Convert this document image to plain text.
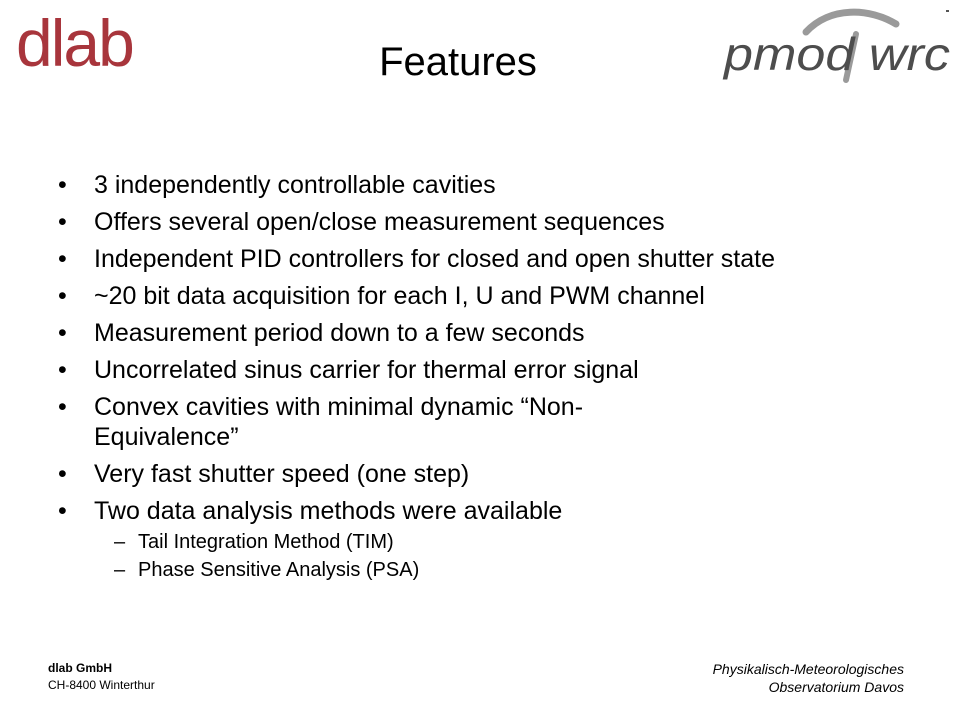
dlab	pmod wrc
Features
• 3 independently controllable cavities
• Offers several open/close measurement sequences
• Independent PID controllers for closed and open shutter state
• ~20 bit data acquisition for each I, U and PWM channel
• Measurement period down to a few seconds
• Uncorrelated sinus carrier for thermal error signal
• Convex cavities with minimal dynamic “Non-Equivalence”
• Very fast shutter speed (one step)
• Two data analysis methods were available
– Tail Integration Method (TIM)
– Phase Sensitive Analysis (PSA)
dlab GmbH
CH-8400 Winterthur
Physikalisch-Meteorologisches
Observatorium Davos
